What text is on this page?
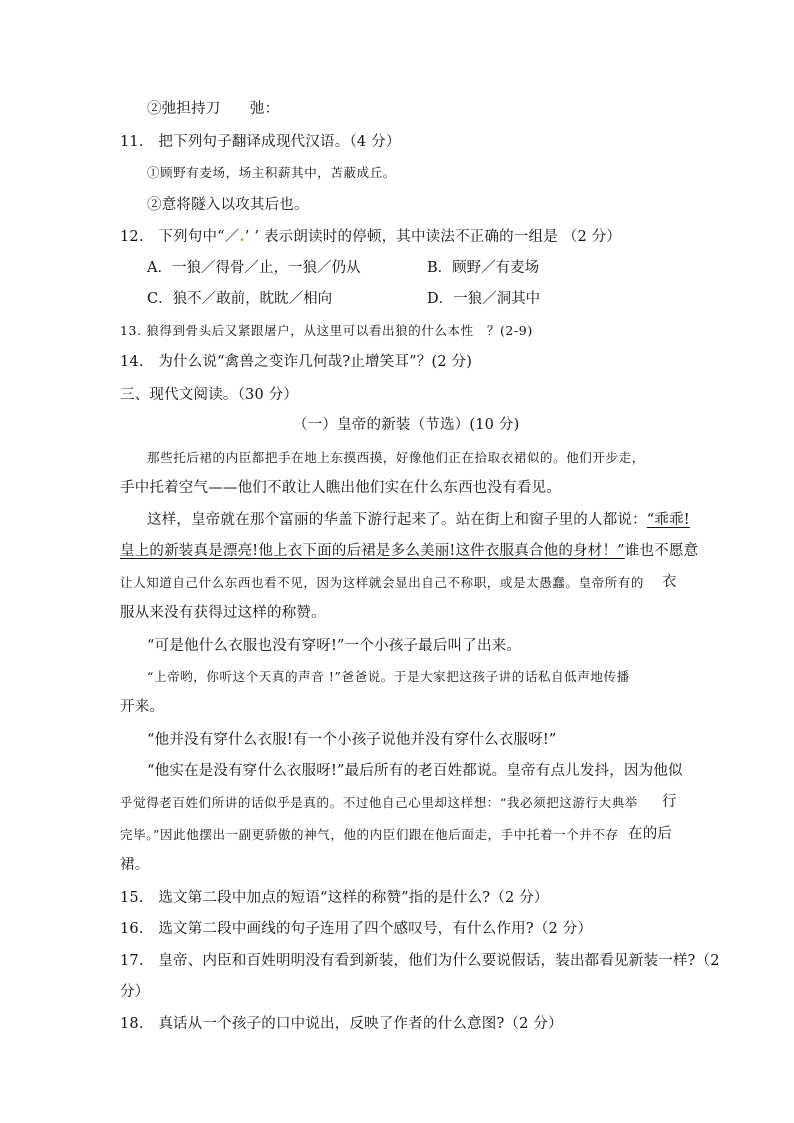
②弛担持刀　　弛：
11.　把下列句子翻译成现代汉语。（4 分）
①顾野有麦场，场主积薪其中，苫蔽成丘。
②意将隧入以攻其后也。
12.　下列句中“／.’ ’ 表示朗读时的停顿，其中读法不正确的一组是 （2 分）
A．一狼／得骨／止，一狼／仍从	B．顾野／有麦场
C．狼不／敢前，眈眈／相向	D．一狼／洞其中
13. 狼得到骨头后又紧跟屠户，从这里可以看出狼的什么本性　？(2-9)
14.　为什么说“禽兽之变诈几何哉?止增笑耳”？(2 分)
三、现代文阅读。（30 分）
（一）皇帝的新装（节选）(10 分)
那些托后裙的内臣都把手在地上东摸西摸，好像他们正在拾取衣裙似的。他们开步走，
手中托着空气——他们不敢让人瞧出他们实在什么东西也没有看见。
这样，皇帝就在那个富丽的华盖下游行起来了。站在街上和窗子里的人都说：“乖乖!
皇上的新装真是漂亮!他上衣下面的后裙是多么美丽!这件衣服真合他的身材！”谁也不愿意
让人知道自己什么东西也看不见，因为这样就会显出自己不称职，或是太愚蠢。皇帝所有的 衣
服从来没有获得过这样的称赞。
“可是他什么衣服也没有穿呀!”一个小孩子最后叫了出来。
“上帝哟，你听这个天真的声音 !”爸爸说。于是大家把这孩子讲的话私自低声地传播
开来。
“他并没有穿什么衣服!有一个小孩子说他并没有穿什么衣服呀!”
“他实在是没有穿什么衣服呀!”最后所有的老百姓都说。皇帝有点儿发抖，因为他似
乎觉得老百姓们所讲的话似乎是真的。不过他自己心里却这样想：“我必须把这游行大典举 行
完毕。”因此他摆出一副更骄傲的神气，他的内臣们跟在他后面走，手中托着一个并不存 在的后
裙。
15.　选文第二段中加点的短语“这样的称赞”指的是什么?（2 分）
16.　选文第二段中画线的句子连用了四个感叹号，有什么作用?（2 分）
17.　皇帝、内臣和百姓明明没有看到新装，他们为什么要说假话，装出都看见新装一样?（2
分）
18.　真话从一个孩子的口中说出，反映了作者的什么意图?（2 分）
